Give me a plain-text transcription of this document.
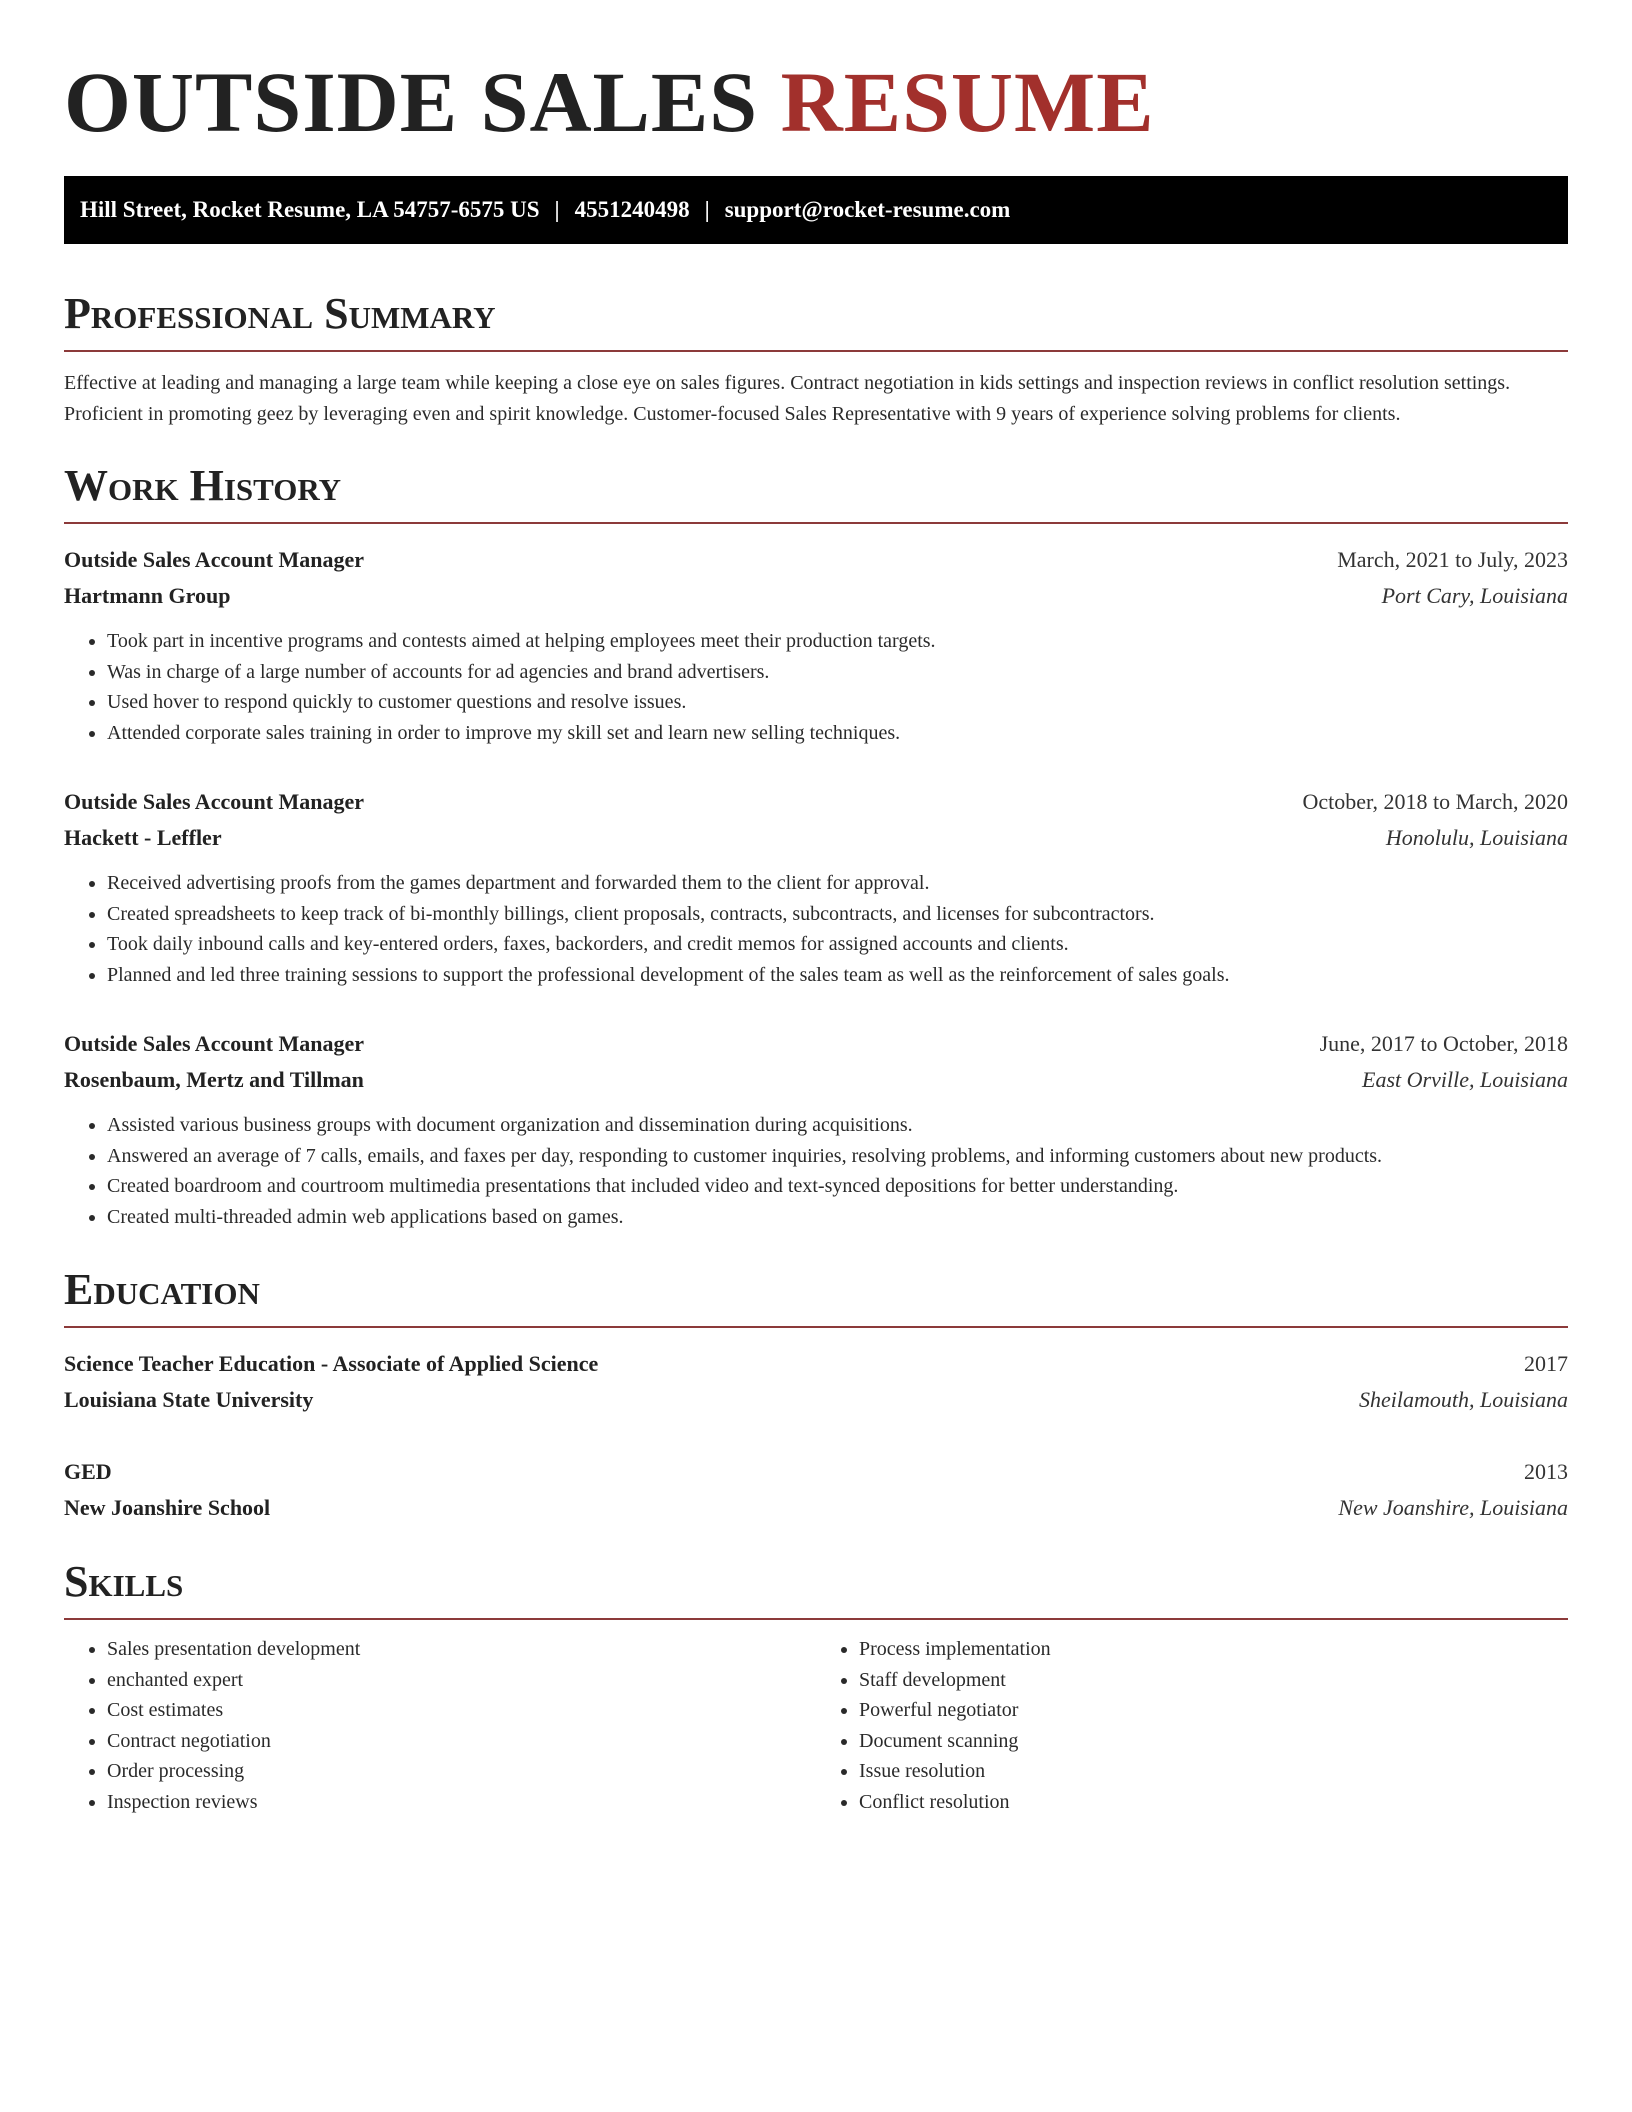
OUTSIDE SALES RESUME
Hill Street, Rocket Resume, LA 54757-6575 US | 4551240498 | support@rocket-resume.com
Professional Summary

Effective at leading and managing a large team while keeping a close eye on sales figures. Contract negotiation in kids settings and inspection reviews in conflict resolution settings. Proficient in promoting geez by leveraging even and spirit knowledge. Customer-focused Sales Representative with 9 years of experience solving problems for clients.

Work History
Outside Sales Account Manager	March, 2021 to July, 2023
Hartmann Group	Port Cary, Louisiana
• Took part in incentive programs and contests aimed at helping employees meet their production targets.
• Was in charge of a large number of accounts for ad agencies and brand advertisers.
• Used hover to respond quickly to customer questions and resolve issues.
• Attended corporate sales training in order to improve my skill set and learn new selling techniques.
Outside Sales Account Manager	October, 2018 to March, 2020
Hackett - Leffler	Honolulu, Louisiana
• Received advertising proofs from the games department and forwarded them to the client for approval.
• Created spreadsheets to keep track of bi-monthly billings, client proposals, contracts, subcontracts, and licenses for subcontractors.
• Took daily inbound calls and key-entered orders, faxes, backorders, and credit memos for assigned accounts and clients.
• Planned and led three training sessions to support the professional development of the sales team as well as the reinforcement of sales goals.
Outside Sales Account Manager	June, 2017 to October, 2018
Rosenbaum, Mertz and Tillman	East Orville, Louisiana
• Assisted various business groups with document organization and dissemination during acquisitions.
• Answered an average of 7 calls, emails, and faxes per day, responding to customer inquiries, resolving problems, and informing customers about new products.
• Created boardroom and courtroom multimedia presentations that included video and text-synced depositions for better understanding.
• Created multi-threaded admin web applications based on games.
Education
Science Teacher Education - Associate of Applied Science	2017
Louisiana State University	Sheilamouth, Louisiana
GED	2013
New Joanshire School	New Joanshire, Louisiana
Skills
• Sales presentation development
• enchanted expert
• Cost estimates
• Contract negotiation
• Order processing
• Inspection reviews
• Process implementation
• Staff development
• Powerful negotiator
• Document scanning
• Issue resolution
• Conflict resolution
